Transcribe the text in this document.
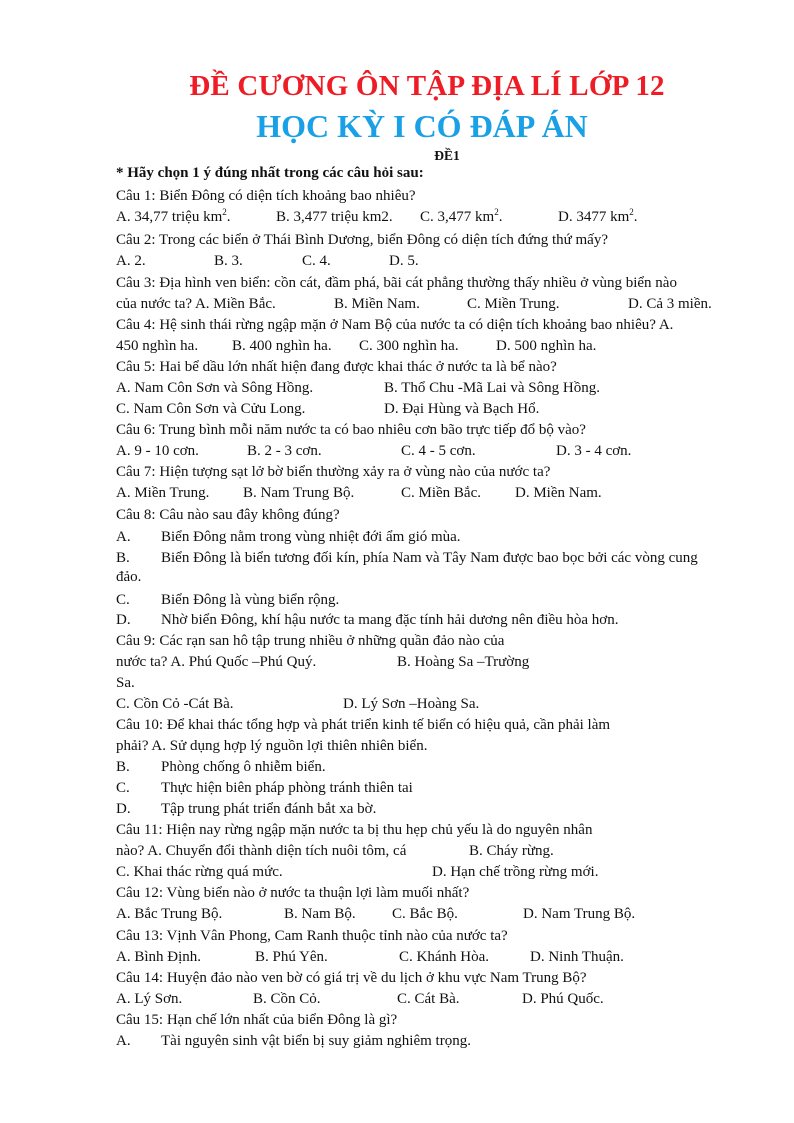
ĐỀ CƯƠNG ÔN TẬP ĐỊA LÍ LỚP 12
HỌC KỲ I CÓ ĐÁP ÁN
ĐỀ1
* Hãy chọn 1 ý đúng nhất trong các câu hỏi sau:
Câu 1: Biển Đông có diện tích khoảng bao nhiêu?
A. 34,77 triệu $km^2$.	B. 3,477 triệu km2. C. 3,477 $km^2$.	D. 3477 $km^2$.
Câu 2: Trong các biển ở Thái Bình Dương, biển Đông có diện tích đứng thứ mấy?
A. 2.	B. 3.	C. 4.	D. 5.
Câu 3: Địa hình ven biển: cồn cát, đầm phá, bãi cát phẳng thường thấy nhiều ở vùng biển nào
của nước ta? A. Miền Bắc.	B. Miền Nam.	C. Miền Trung.	D. Cả 3 miền.
Câu 4: Hệ sinh thái rừng ngập mặn ở Nam Bộ của nước ta có diện tích khoảng bao nhiêu? A.
450 nghìn ha. B. 400 nghìn ha. C. 300 nghìn ha. D. 500 nghìn ha.
Câu 5: Hai bể dầu lớn nhất hiện đang được khai thác ở nước ta là bể nào?
A. Nam Côn Sơn và Sông Hồng.	B. Thổ Chu -Mã Lai và Sông Hồng.
C. Nam Côn Sơn và Cửu Long.	D. Đại Hùng và Bạch Hổ.
Câu 6: Trung bình mỗi năm nước ta có bao nhiêu cơn bão trực tiếp đổ bộ vào?
A. 9 - 10 cơn.	B. 2 - 3 cơn.	C. 4 - 5 cơn.	D. 3 - 4 cơn.
Câu 7: Hiện tượng sạt lở bờ biển thường xảy ra ở vùng nào của nước ta?
A. Miền Trung. B. Nam Trung Bộ.	C. Miền Bắc. D. Miền Nam.
Câu 8: Câu nào sau đây không đúng?
A. Biển Đông nằm trong vùng nhiệt đới ẩm gió mùa.
B. Biển Đông là biển tương đối kín, phía Nam và Tây Nam được bao bọc bởi các vòng cung
đảo.
C. Biển Đông là vùng biển rộng.
D. Nhờ biển Đông, khí hậu nước ta mang đặc tính hải dương nên điều hòa hơn.
Câu 9: Các rạn san hô tập trung nhiều ở những quần đảo nào của
nước ta? A. Phú Quốc –Phú Quý.	B. Hoàng Sa –Trường
Sa.
C. Cồn Cỏ -Cát Bà.	D. Lý Sơn –Hoàng Sa.
Câu 10: Để khai thác tổng hợp và phát triển kinh tế biển có hiệu quả, cần phải làm
phải? A. Sử dụng hợp lý nguồn lợi thiên nhiên biển.
B. Phòng chống ô nhiễm biển.
C. Thực hiện biên pháp phòng tránh thiên tai
D. Tập trung phát triển đánh bắt xa bờ.
Câu 11: Hiện nay rừng ngập mặn nước ta bị thu hẹp chủ yếu là do nguyên nhân
nào? A. Chuyển đổi thành diện tích nuôi tôm, cá	B. Cháy rừng.
C. Khai thác rừng quá mức.	D. Hạn chế trồng rừng mới.
Câu 12: Vùng biển nào ở nước ta thuận lợi làm muối nhất?
A. Bắc Trung Bộ.	B. Nam Bộ. C. Bắc Bộ.	D. Nam Trung Bộ.
Câu 13: Vịnh Vân Phong, Cam Ranh thuộc tỉnh nào của nước ta?
A. Bình Định.	B. Phú Yên.	C. Khánh Hòa.	D. Ninh Thuận.
Câu 14: Huyện đảo nào ven bờ có giá trị về du lịch ở khu vực Nam Trung Bộ?
A. Lý Sơn.	B. Cồn Cỏ.	C. Cát Bà.	D. Phú Quốc.
Câu 15: Hạn chế lớn nhất của biển Đông là gì?
A. Tài nguyên sinh vật biển bị suy giảm nghiêm trọng.
